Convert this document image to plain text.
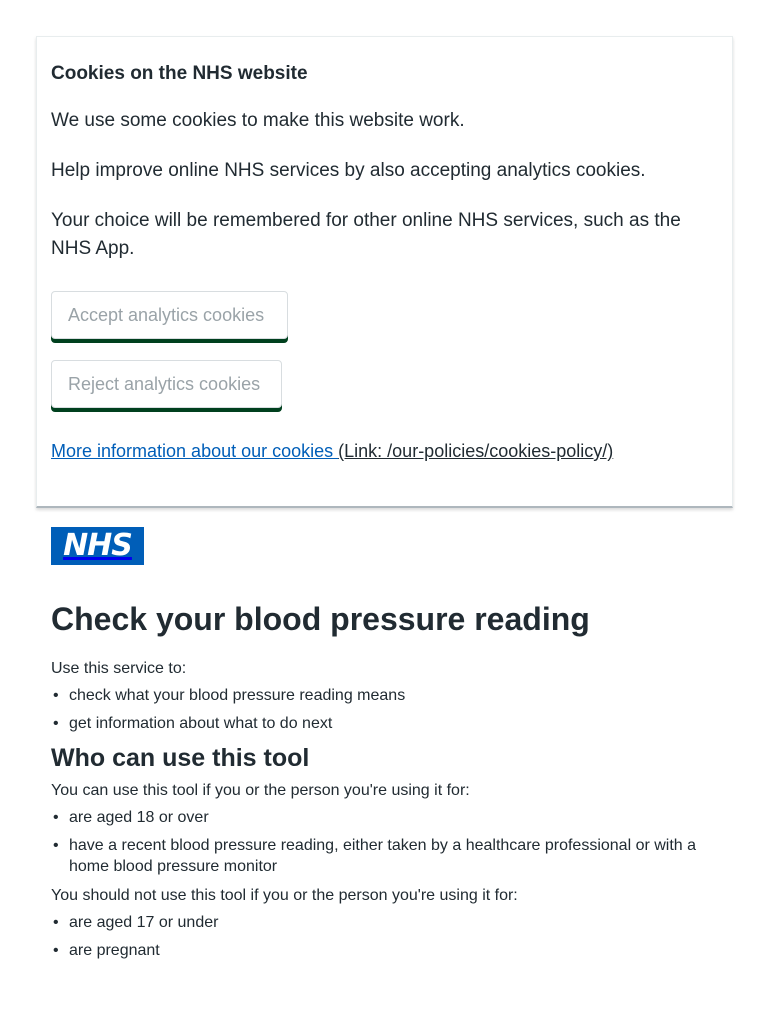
Cookies on the NHS website

We use some cookies to make this website work.

Help improve online NHS services by also accepting analytics cookies.

Your choice will be remembered for other online NHS services, such as the NHS App.

Accept analytics cookies
Reject analytics cookies

More information about our cookies (Link: /our-policies/cookies-policy/)

NHS
Check your blood pressure reading

Use this service to:

• check what your blood pressure reading means
• get information about what to do next
Who can use this tool

You can use this tool if you or the person you're using it for:

• are aged 18 or over
• have a recent blood pressure reading, either taken by a healthcare professional or with a home blood pressure monitor

You should not use this tool if you or the person you're using it for:

• are aged 17 or under
• are pregnant
